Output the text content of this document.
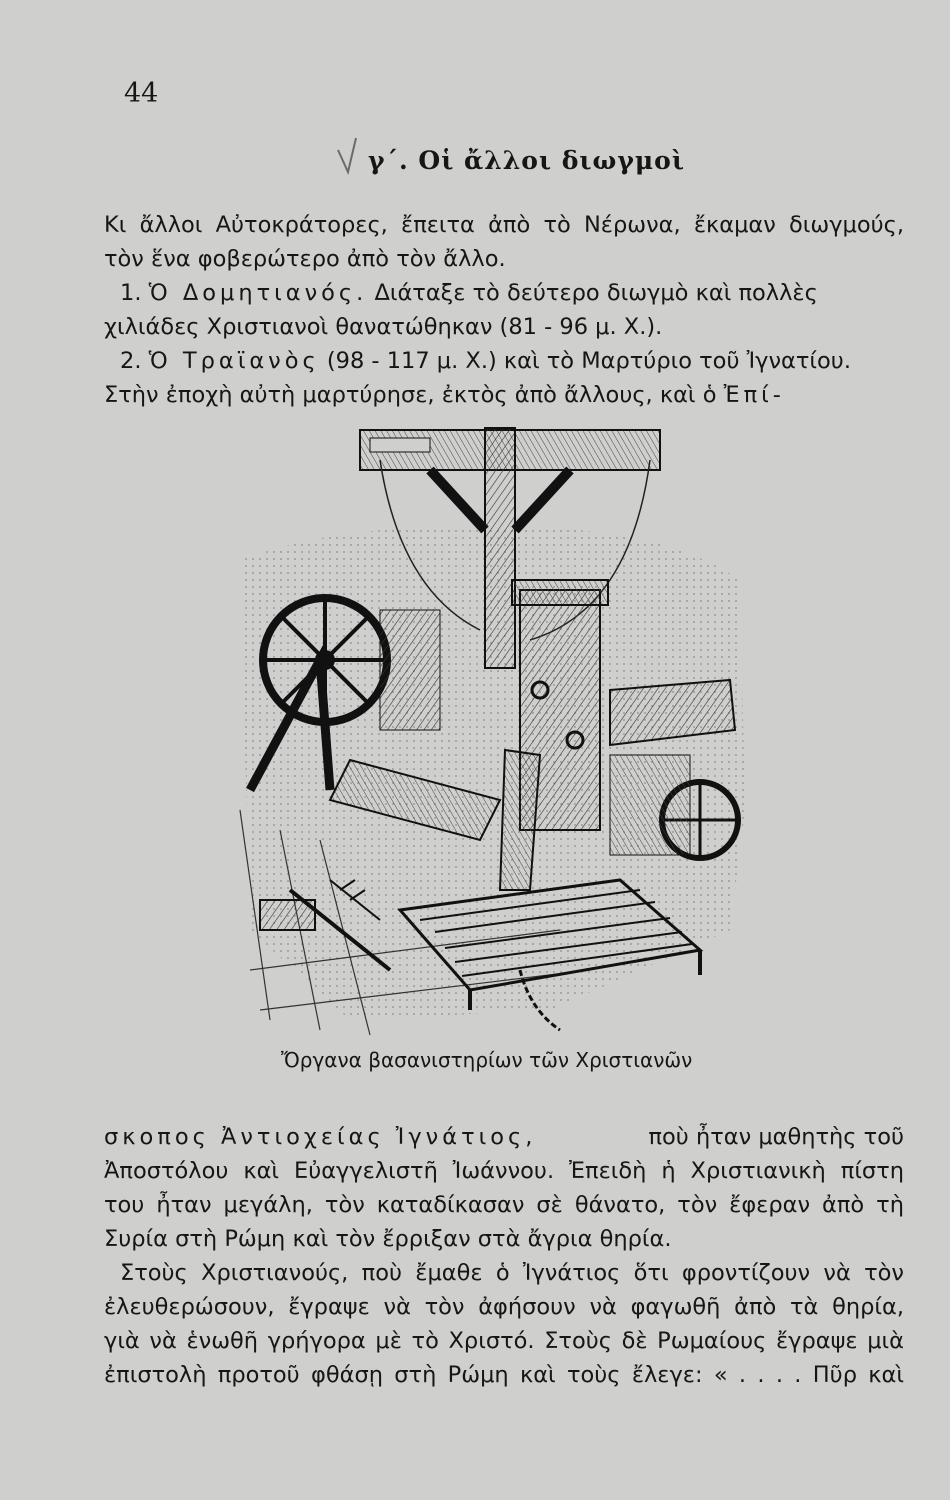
44
γ΄. Οἱ ἄλλοι διωγμοὶ
Κι ἄλλοι Αὐτοκράτορες, ἔπειτα ἀπὸ τὸ Νέρωνα, ἔκαμαν διωγμούς,
τὸν ἕνα φοβερώτερο ἀπὸ τὸν ἄλλο.
1. Ὁ Δομητιανός. Διάταξε τὸ δεύτερο διωγμὸ καὶ πολλὲς
χιλιάδες Χριστιανοὶ θανατώθηκαν (81 - 96 μ. Χ.).
2. Ὁ Τραϊανὸς (98 - 117 μ. Χ.) καὶ τὸ Μαρτύριο τοῦ Ἰγνατίου.
Στὴν ἐποχὴ αὐτὴ μαρτύρησε, ἐκτὸς ἀπὸ ἄλλους, καὶ ὁ Ἐπί-
Ὄργανα βασανιστηρίων τῶν Χριστιανῶν
σκοπος Ἀντιοχείας Ἰγνάτιος,	ποὺ ἦταν μαθητὴς τοῦ
Ἀποστόλου καὶ Εὐαγγελιστῆ Ἰωάννου. Ἐπειδὴ ἡ Χριστιανικὴ πίστη
του ἦταν μεγάλη, τὸν καταδίκασαν σὲ θάνατο, τὸν ἔφεραν ἀπὸ τὴ
Συρία στὴ Ρώμη καὶ τὸν ἔρριξαν στὰ ἄγρια θηρία.
Στοὺς Χριστιανούς, ποὺ ἔμαθε ὁ Ἰγνάτιος ὅτι φροντίζουν νὰ τὸν
ἐλευθερώσουν, ἔγραψε νὰ τὸν ἀφήσουν νὰ φαγωθῆ ἀπὸ τὰ θηρία,
γιὰ νὰ ἑνωθῆ γρήγορα μὲ τὸ Χριστό. Στοὺς δὲ Ρωμαίους ἔγραψε μιὰ
ἐπιστολὴ προτοῦ φθάσῃ στὴ Ρώμη καὶ τοὺς ἔλεγε: « . . . . Πῦρ καὶ
